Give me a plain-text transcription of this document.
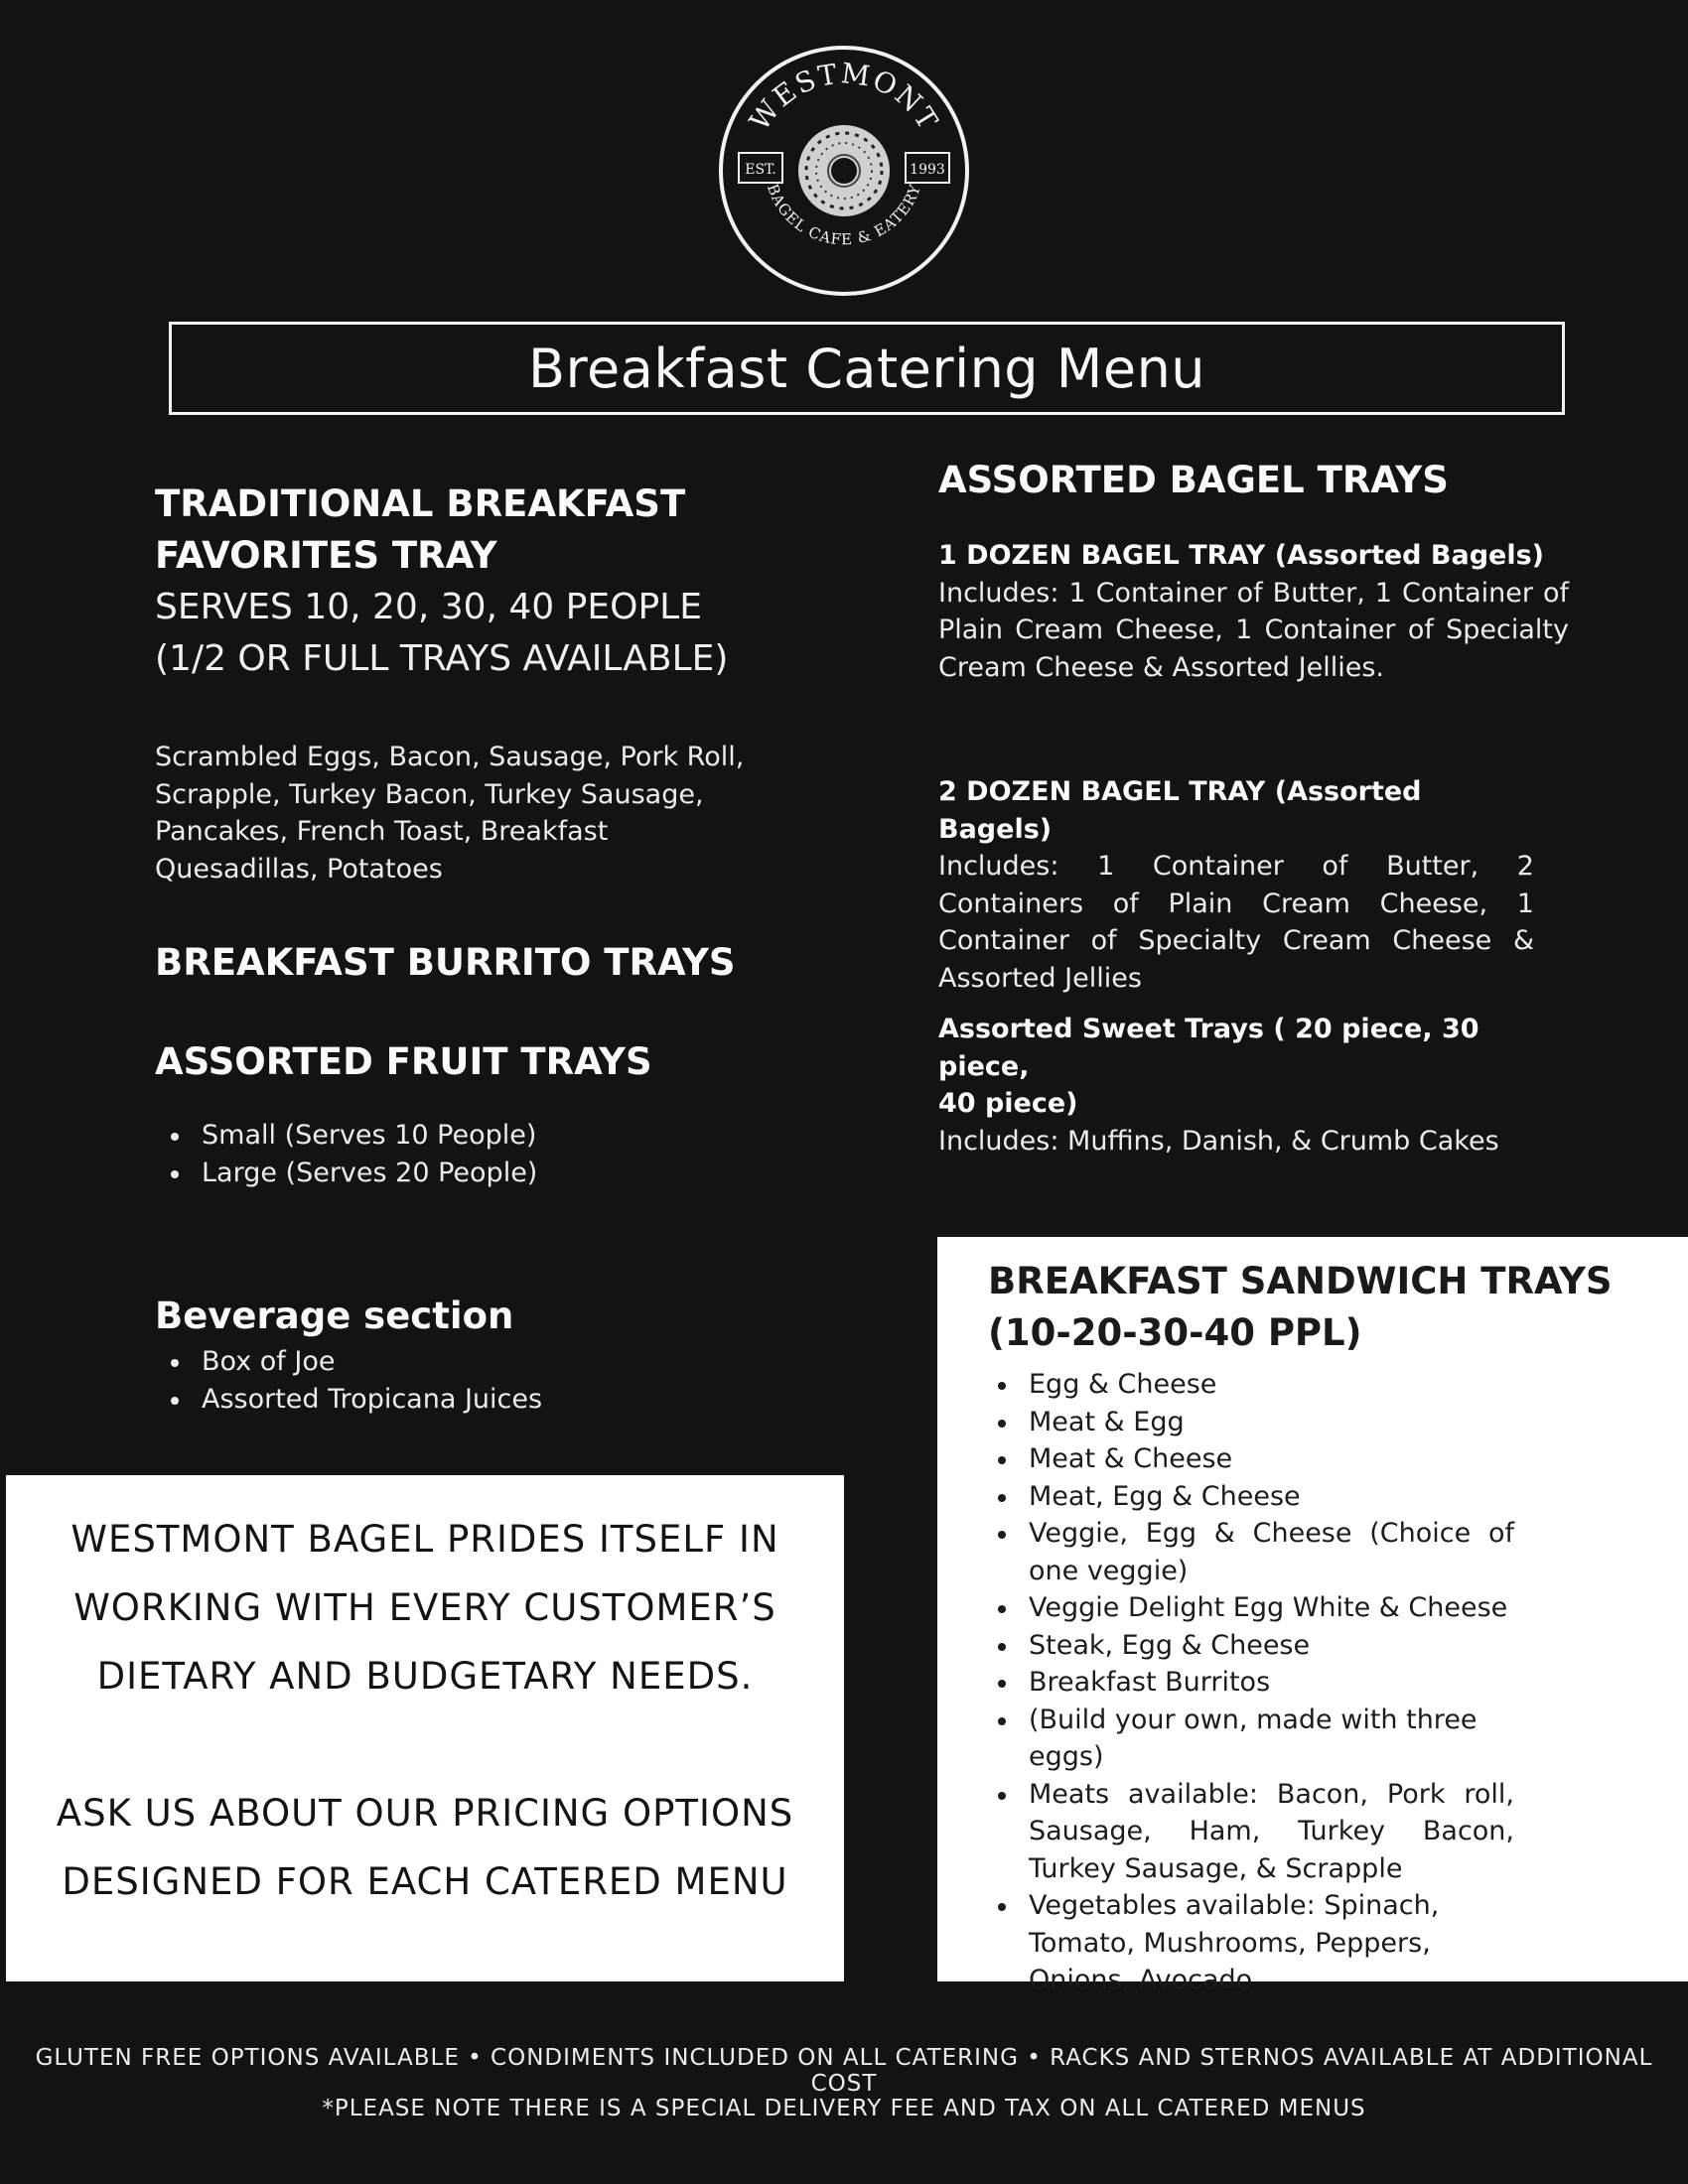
WESTMONT
BAGEL CAFE & EATERY
EST.	1993
Breakfast Catering Menu

TRADITIONAL BREAKFAST

FAVORITES TRAY

SERVES 10, 20, 30, 40 PEOPLE

(1/2 OR FULL TRAYS AVAILABLE)

Scrambled Eggs, Bacon, Sausage, Pork Roll, Scrapple, Turkey Bacon, Turkey Sausage, Pancakes, French Toast, Breakfast Quesadillas, Potatoes

BREAKFAST BURRITO TRAYS

ASSORTED FRUIT TRAYS

Small (Serves 10 People)
Large (Serves 20 People)

Beverage section

Box of Joe
Assorted Tropicana Juices

ASSORTED BAGEL TRAYS

1 DOZEN BAGEL TRAY (Assorted Bagels)

Includes: 1 Container of Butter, 1 Container of Plain Cream Cheese, 1 Container of Specialty Cream Cheese & Assorted Jellies.

2 DOZEN BAGEL TRAY (Assorted Bagels)

Includes: 1 Container of Butter, 2 Containers of Plain Cream Cheese, 1 Container of Specialty Cream Cheese & Assorted Jellies

Assorted Sweet Trays ( 20 piece, 30 piece,

40 piece)

Includes: Muffins, Danish, & Crumb Cakes

WESTMONT BAGEL PRIDES ITSELF IN

WORKING WITH EVERY CUSTOMER’S

DIETARY AND BUDGETARY NEEDS.

ASK US ABOUT OUR PRICING OPTIONS

DESIGNED FOR EACH CATERED MENU

BREAKFAST SANDWICH TRAYS

(10-20-30-40 PPL)

Egg & Cheese
Meat & Egg
Meat & Cheese
Meat, Egg & Cheese
Veggie, Egg & Cheese (Choice of one veggie)
Veggie Delight Egg White & Cheese
Steak, Egg & Cheese
Breakfast Burritos
(Build your own, made with three eggs)
Meats available: Bacon, Pork roll, Sausage, Ham, Turkey Bacon, Turkey Sausage, & Scrapple
Vegetables available: Spinach, Tomato, Mushrooms, Peppers, Onions, Avocado
GLUTEN FREE OPTIONS AVAILABLE • CONDIMENTS INCLUDED ON ALL CATERING • RACKS AND STERNOS AVAILABLE AT ADDITIONAL COST
*PLEASE NOTE THERE IS A SPECIAL DELIVERY FEE AND TAX ON ALL CATERED MENUS
